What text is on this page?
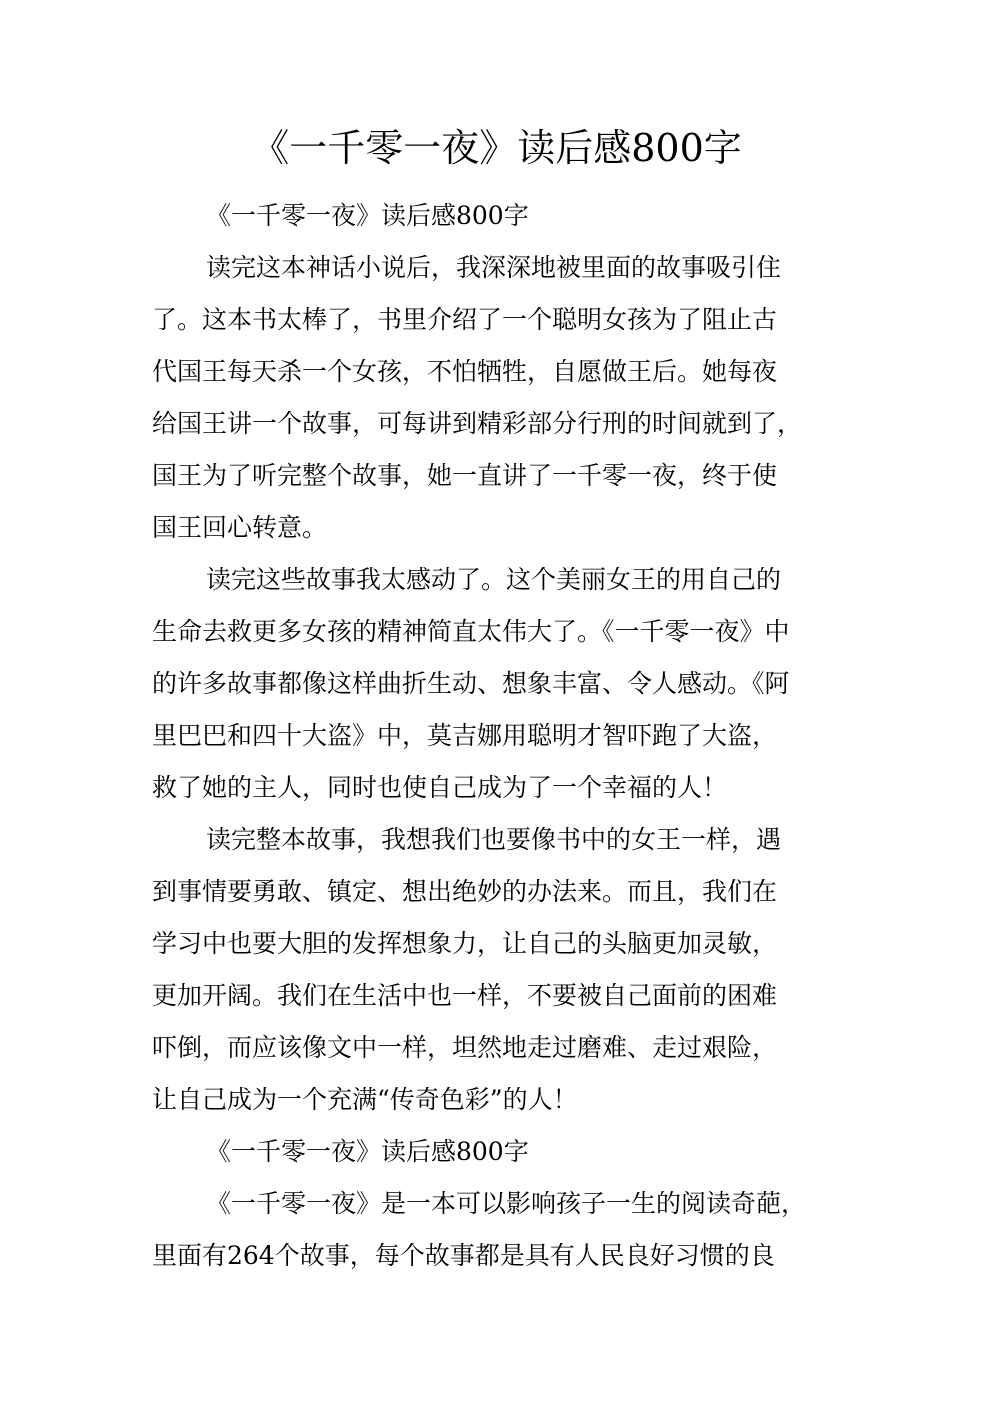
《一千零一夜》读后感800字
《一千零一夜》读后感800字
读完这本神话小说后，我深深地被里面的故事吸引住
了。这本书太棒了，书里介绍了一个聪明女孩为了阻止古
代国王每天杀一个女孩，不怕牺牲，自愿做王后。她每夜
给国王讲一个故事，可每讲到精彩部分行刑的时间就到了，
国王为了听完整个故事，她一直讲了一千零一夜，终于使
国王回心转意。
读完这些故事我太感动了。这个美丽女王的用自己的
生命去救更多女孩的精神简直太伟大了。《一千零一夜》中
的许多故事都像这样曲折生动、想象丰富、令人感动。《阿
里巴巴和四十大盗》中，莫吉娜用聪明才智吓跑了大盗，
救了她的主人，同时也使自己成为了一个幸福的人！
读完整本故事，我想我们也要像书中的女王一样，遇
到事情要勇敢、镇定、想出绝妙的办法来。而且，我们在
学习中也要大胆的发挥想象力，让自己的头脑更加灵敏，
更加开阔。我们在生活中也一样，不要被自己面前的困难
吓倒，而应该像文中一样，坦然地走过磨难、走过艰险，
让自己成为一个充满“传奇色彩”的人！
《一千零一夜》读后感800字
《一千零一夜》是一本可以影响孩子一生的阅读奇葩，
里面有264个故事，每个故事都是具有人民良好习惯的良
